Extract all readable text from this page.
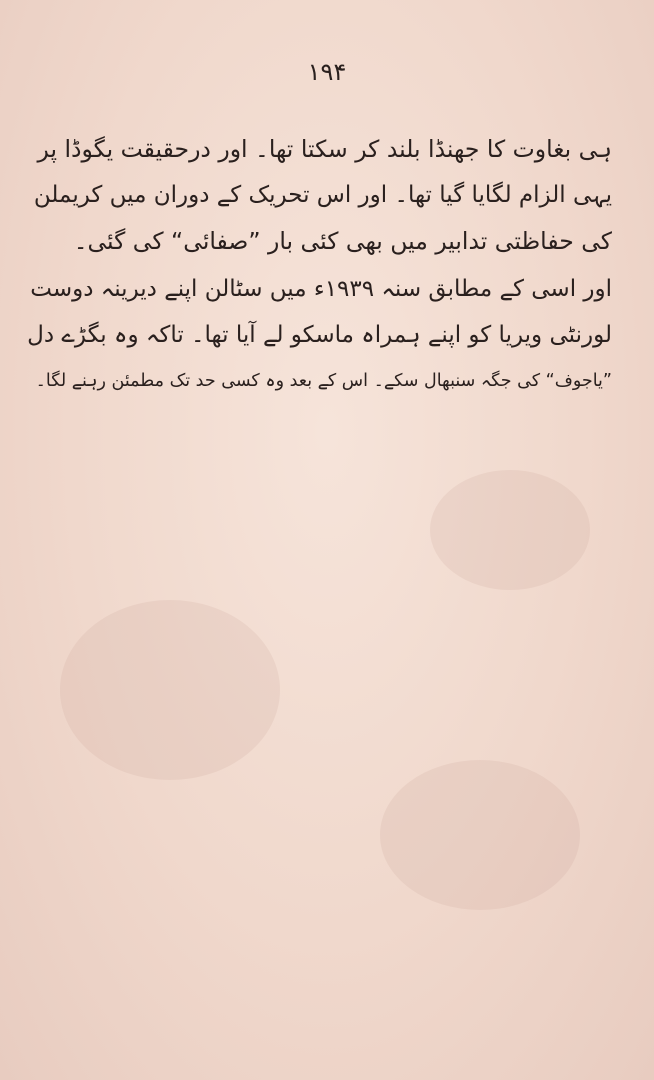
۱۹۴

ہی بغاوت کا جھنڈا بلند کر سکتا تھا۔ اور درحقیقت یگوڈا پر
یہی الزام لگایا گیا تھا۔ اور اس تحریک کے دوران میں کریملن
کی حفاظتی تدابیر میں بھی کئی بار ”صفائی“ کی گئی۔

اور اسی کے مطابق سنہ ۱۹۳۹ء میں سٹالن اپنے دیرینہ دوست
لورنٹی ویریا کو اپنے ہمراہ ماسکو لے آیا تھا۔ تاکہ وہ بگڑے دل
”یاجوف“ کی جگہ سنبھال سکے۔ اس کے بعد وہ کسی حد تک مطمئن رہنے لگا۔
